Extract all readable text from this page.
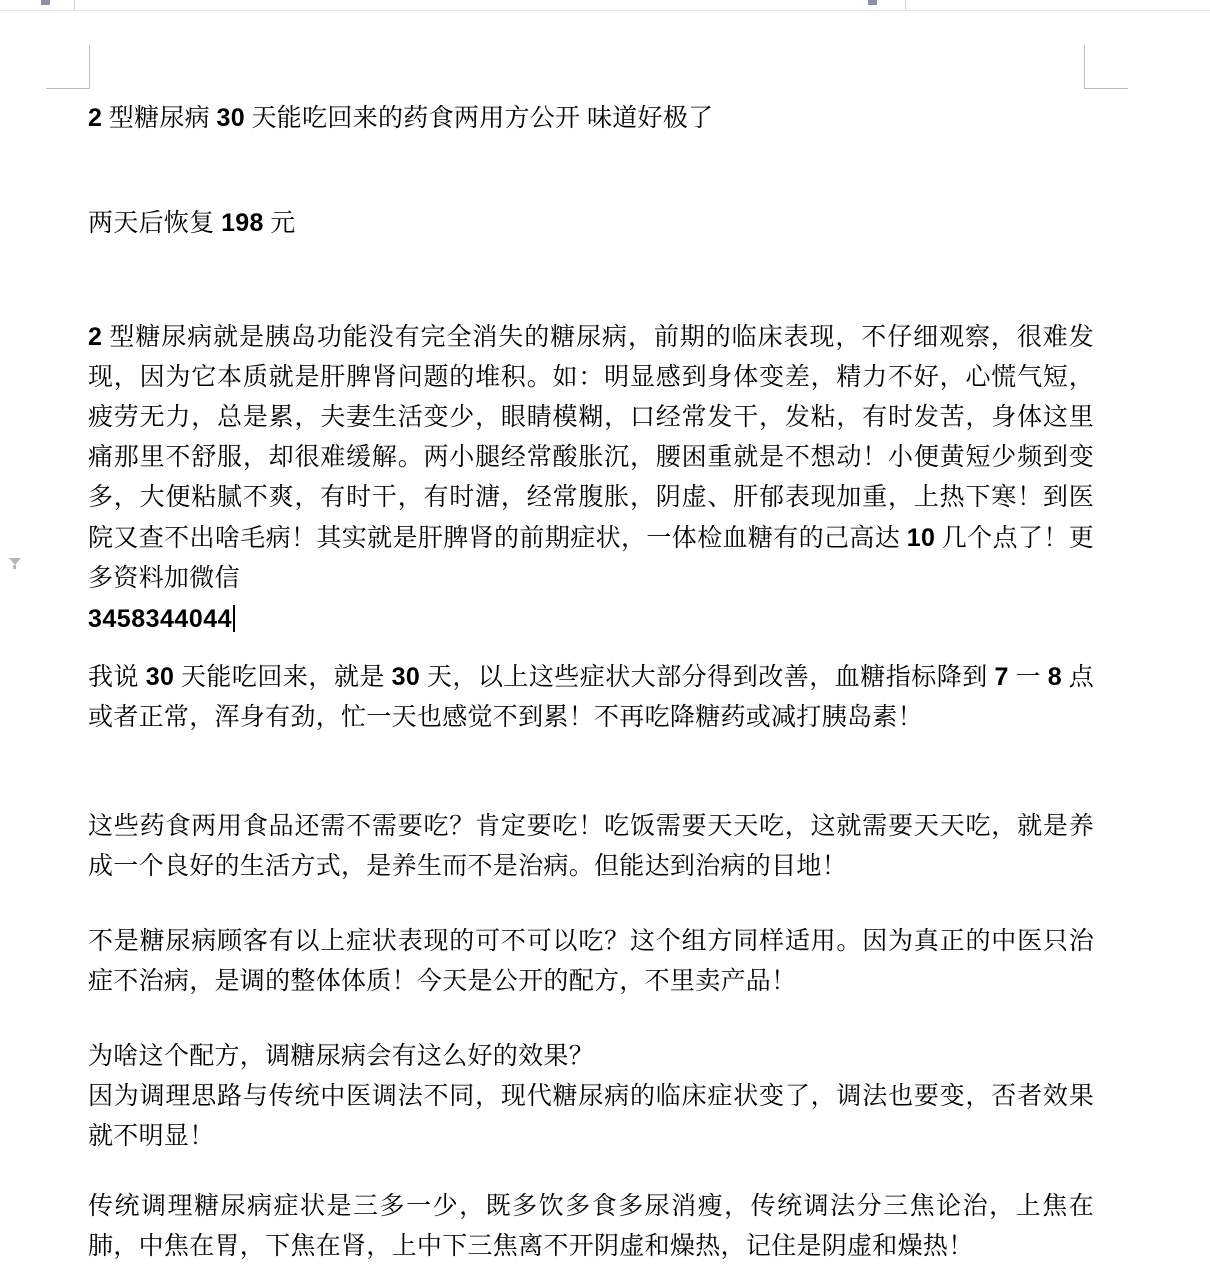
2 型糖尿病 30 天能吃回来的药食两用方公开 味道好极了

两天后恢复 198 元

2 型糖尿病就是胰岛功能没有完全消失的糖尿病，前期的临床表现，不仔细观察，很难发现，因为它本质就是肝脾肾问题的堆积。如：明显感到身体变差，精力不好，心慌气短，疲劳无力，总是累，夫妻生活变少，眼睛模糊，口经常发干，发粘，有时发苦，身体这里痛那里不舒服，却很难缓解。两小腿经常酸胀沉，腰困重就是不想动！小便黄短少频到变多，大便粘腻不爽，有时干，有时溏，经常腹胀，阴虚、肝郁表现加重，上热下寒！到医院又查不出啥毛病！其实就是肝脾肾的前期症状，一体检血糖有的己高达 10 几个点了！更多资料加微信
3458344044

我说 30 天能吃回来，就是 30 天，以上这些症状大部分得到改善，血糖指标降到 7 一 8 点或者正常，浑身有劲，忙一天也感觉不到累！不再吃降糖药或减打胰岛素！

这些药食两用食品还需不需要吃？肯定要吃！吃饭需要天天吃，这就需要天天吃，就是养成一个良好的生活方式，是养生而不是治病。但能达到治病的目地！

不是糖尿病顾客有以上症状表现的可不可以吃？这个组方同样适用。因为真正的中医只治症不治病，是调的整体体质！今天是公开的配方，不里卖产品！

为啥这个配方，调糖尿病会有这么好的效果？
因为调理思路与传统中医调法不同，现代糖尿病的临床症状变了，调法也要变，否者效果就不明显！

传统调理糖尿病症状是三多一少，既多饮多食多尿消瘦，传统调法分三焦论治，上焦在肺，中焦在胃，下焦在肾，上中下三焦离不开阴虚和燥热，记住是阴虚和燥热！
